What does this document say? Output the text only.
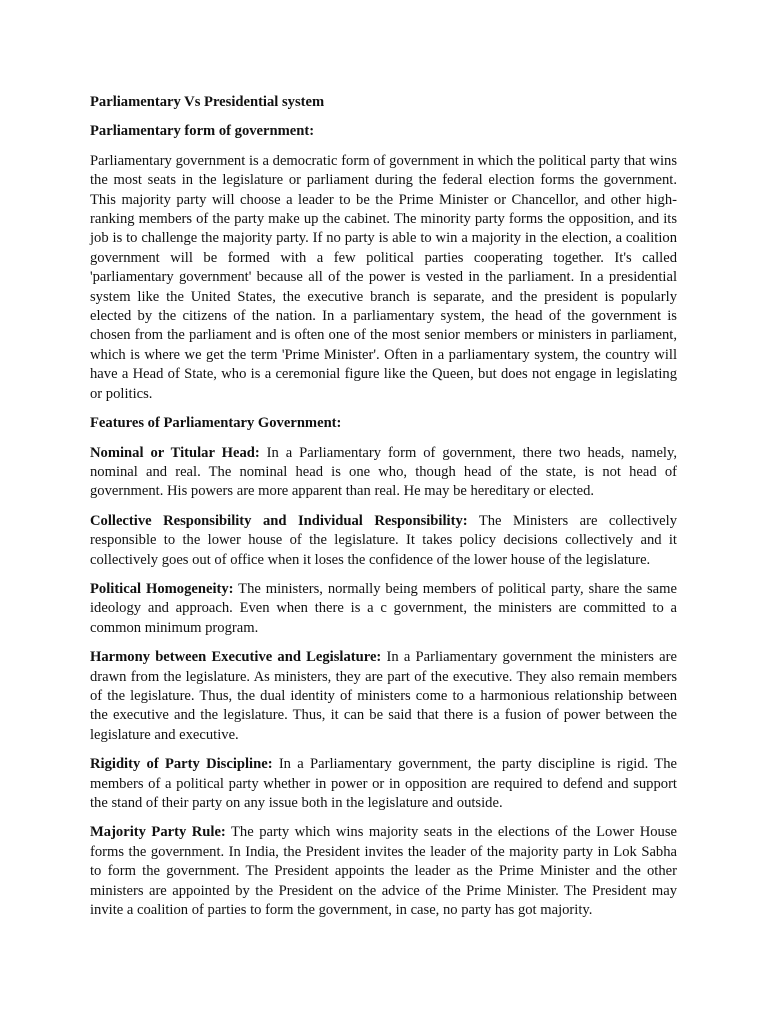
Parliamentary Vs Presidential system

Parliamentary form of government:

Parliamentary government is a democratic form of government in which the political party that wins the most seats in the legislature or parliament during the federal election forms the government. This majority party will choose a leader to be the Prime Minister or Chancellor, and other high-ranking members of the party make up the cabinet. The minority party forms the opposition, and its job is to challenge the majority party. If no party is able to win a majority in the election, a coalition government will be formed with a few political parties cooperating together. It's called 'parliamentary government' because all of the power is vested in the parliament. In a presidential system like the United States, the executive branch is separate, and the president is popularly elected by the citizens of the nation. In a parliamentary system, the head of the government is chosen from the parliament and is often one of the most senior members or ministers in parliament, which is where we get the term 'Prime Minister'. Often in a parliamentary system, the country will have a Head of State, who is a ceremonial figure like the Queen, but does not engage in legislating or politics.

Features of Parliamentary Government:

Nominal or Titular Head: In a Parliamentary form of government, there two heads, namely, nominal and real. The nominal head is one who, though head of the state, is not head of government. His powers are more apparent than real. He may be hereditary or elected.

Collective Responsibility and Individual Responsibility: The Ministers are collectively responsible to the lower house of the legislature. It takes policy decisions collectively and it collectively goes out of office when it loses the confidence of the lower house of the legislature.

Political Homogeneity: The ministers, normally being members of political party, share the same ideology and approach. Even when there is a c government, the ministers are committed to a common minimum program.

Harmony between Executive and Legislature: In a Parliamentary government the ministers are drawn from the legislature. As ministers, they are part of the executive. They also remain members of the legislature. Thus, the dual identity of ministers come to a harmonious relationship between the executive and the legislature. Thus, it can be said that there is a fusion of power between the legislature and executive.

Rigidity of Party Discipline: In a Parliamentary government, the party discipline is rigid. The members of a political party whether in power or in opposition are required to defend and support the stand of their party on any issue both in the legislature and outside.

Majority Party Rule: The party which wins majority seats in the elections of the Lower House forms the government. In India, the President invites the leader of the majority party in Lok Sabha to form the government. The President appoints the leader as the Prime Minister and the other ministers are appointed by the President on the advice of the Prime Minister. The President may invite a coalition of parties to form the government, in case, no party has got majority.
